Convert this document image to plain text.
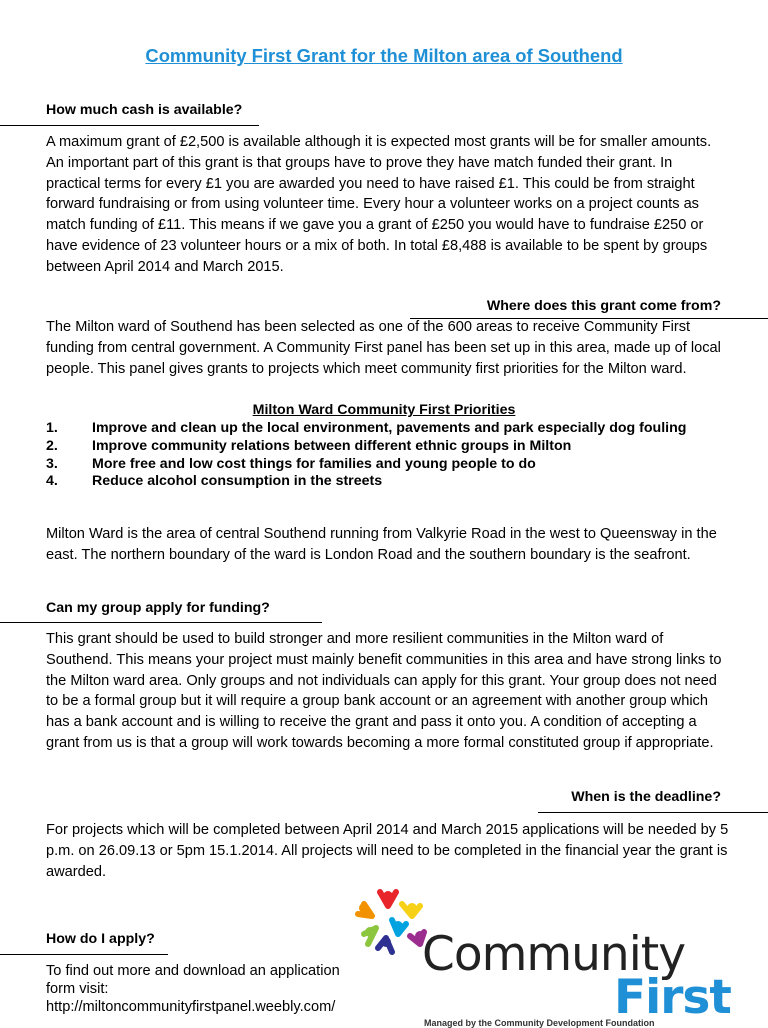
Community First Grant for the Milton area of Southend
How much cash is available?

A maximum grant of £2,500 is available although it is expected most grants will be for smaller amounts. An important part of this grant is that groups have to prove they have match funded their grant. In practical terms for every £1 you are awarded you need to have raised £1. This could be from straight forward fundraising or from using volunteer time. Every hour a volunteer works on a project counts as match funding of £11. This means if we gave you a grant of £250 you would have to fundraise £250 or have evidence of 23 volunteer hours or a mix of both. In total £8,488 is available to be spent by groups between April 2014 and March 2015.

Where does this grant come from?

The Milton ward of Southend has been selected as one of the 600 areas to receive Community First funding from central government. A Community First panel has been set up in this area, made up of local people. This panel gives grants to projects which meet community first priorities for the Milton ward.

Milton Ward Community First Priorities
1. Improve and clean up the local environment, pavements and park especially dog fouling
2. Improve community relations between different ethnic groups in Milton
3. More free and low cost things for families and young people to do
4. Reduce alcohol consumption in the streets

Milton Ward is the area of central Southend running from Valkyrie Road in the west to Queensway in the east. The northern boundary of the ward is London Road and the southern boundary is the seafront.

Can my group apply for funding?

This grant should be used to build stronger and more resilient communities in the Milton ward of Southend. This means your project must mainly benefit communities in this area and have strong links to the Milton ward area. Only groups and not individuals can apply for this grant. Your group does not need to be a formal group but it will require a group bank account or an agreement with another group which has a bank account and is willing to receive the grant and pass it onto you. A condition of accepting a grant from us is that a group will work towards becoming a more formal constituted group if appropriate.

When is the deadline?

For projects which will be completed between April 2014 and March 2015 applications will be needed by 5 p.m. on 26.09.13 or 5pm 15.1.2014. All projects will need to be completed in the financial year the grant is awarded.

How do I apply?
To find out more and download an application form visit:
http://miltoncommunityfirstpanel.weebly.com/
Community
First
Managed by the Community Development Foundation
